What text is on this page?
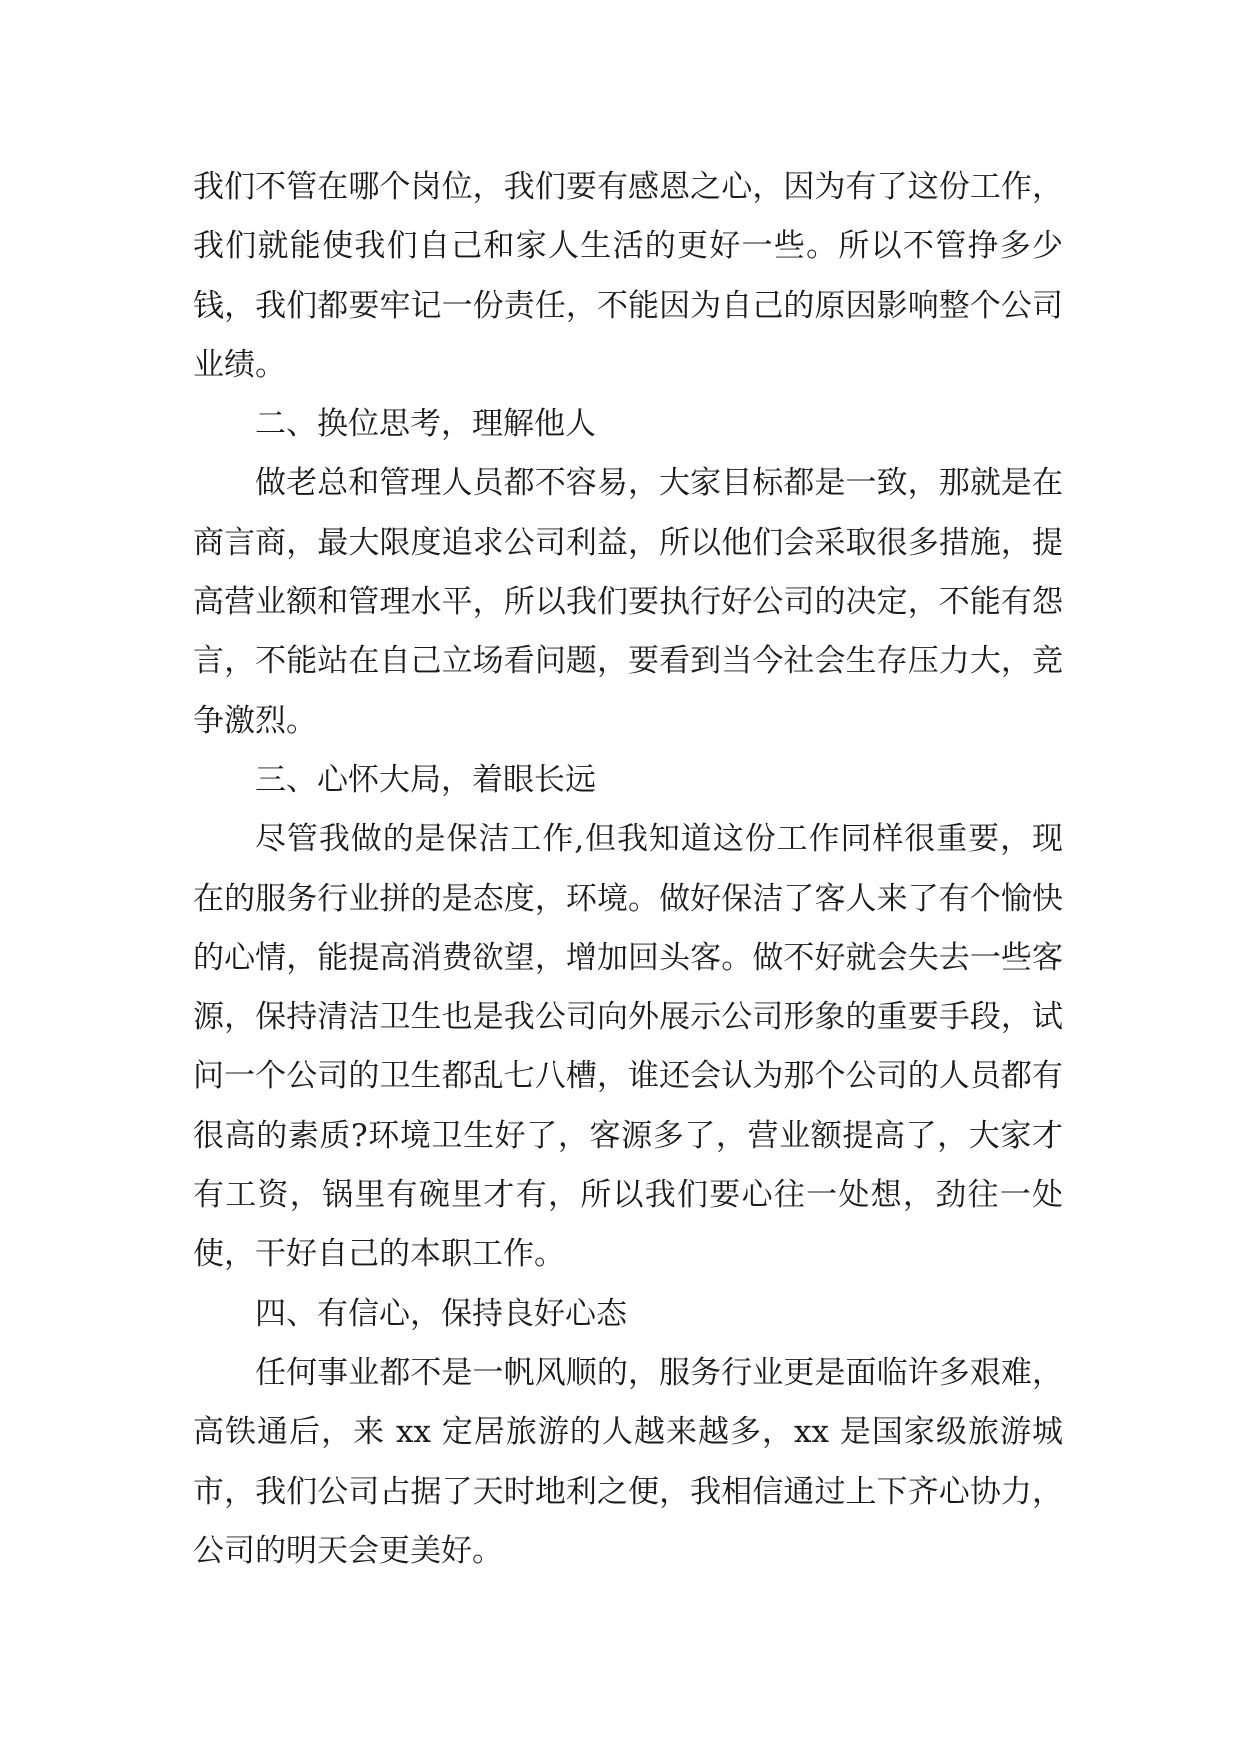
我们不管在哪个岗位，我们要有感恩之心，因为有了这份工作，我们就能使我们自己和家人生活的更好一些。所以不管挣多少钱，我们都要牢记一份责任，不能因为自己的原因影响整个公司业绩。

二、换位思考，理解他人

做老总和管理人员都不容易，大家目标都是一致，那就是在商言商，最大限度追求公司利益，所以他们会采取很多措施，提高营业额和管理水平，所以我们要执行好公司的决定，不能有怨言，不能站在自己立场看问题，要看到当今社会生存压力大，竞争激烈。

三、心怀大局，着眼长远

尽管我做的是保洁工作,但我知道这份工作同样很重要，现在的服务行业拼的是态度，环境。做好保洁了客人来了有个愉快的心情，能提高消费欲望，增加回头客。做不好就会失去一些客源，保持清洁卫生也是我公司向外展示公司形象的重要手段，试问一个公司的卫生都乱七八槽，谁还会认为那个公司的人员都有很高的素质?环境卫生好了，客源多了，营业额提高了，大家才有工资，锅里有碗里才有，所以我们要心往一处想，劲往一处使，干好自己的本职工作。

四、有信心，保持良好心态

任何事业都不是一帆风顺的，服务行业更是面临许多艰难，高铁通后，来 xx 定居旅游的人越来越多，xx 是国家级旅游城市，我们公司占据了天时地利之便，我相信通过上下齐心协力，公司的明天会更美好。
